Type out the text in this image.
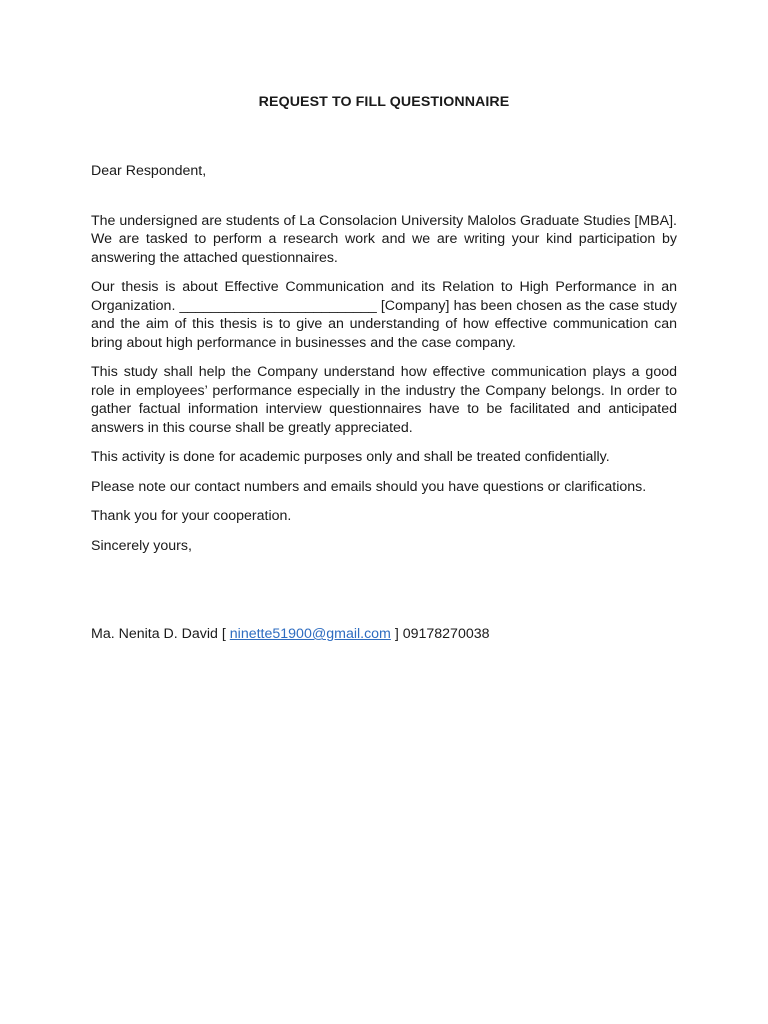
REQUEST TO FILL QUESTIONNAIRE
Dear Respondent,

The undersigned are students of La Consolacion University Malolos Graduate Studies [MBA]. We are tasked to perform a research work and we are writing your kind participation by answering the attached questionnaires.

Our thesis is about Effective Communication and its Relation to High Performance in an Organization. _________________________ [Company] has been chosen as the case study and the aim of this thesis is to give an understanding of how effective communication can bring about high performance in businesses and the case company.

This study shall help the Company understand how effective communication plays a good role in employees’ performance especially in the industry the Company belongs. In order to gather factual information interview questionnaires have to be facilitated and anticipated answers in this course shall be greatly appreciated.

This activity is done for academic purposes only and shall be treated confidentially.

Please note our contact numbers and emails should you have questions or clarifications.

Thank you for your cooperation.
Sincerely yours,
Ma. Nenita D. David [ ninette51900@gmail.com ] 09178270038
